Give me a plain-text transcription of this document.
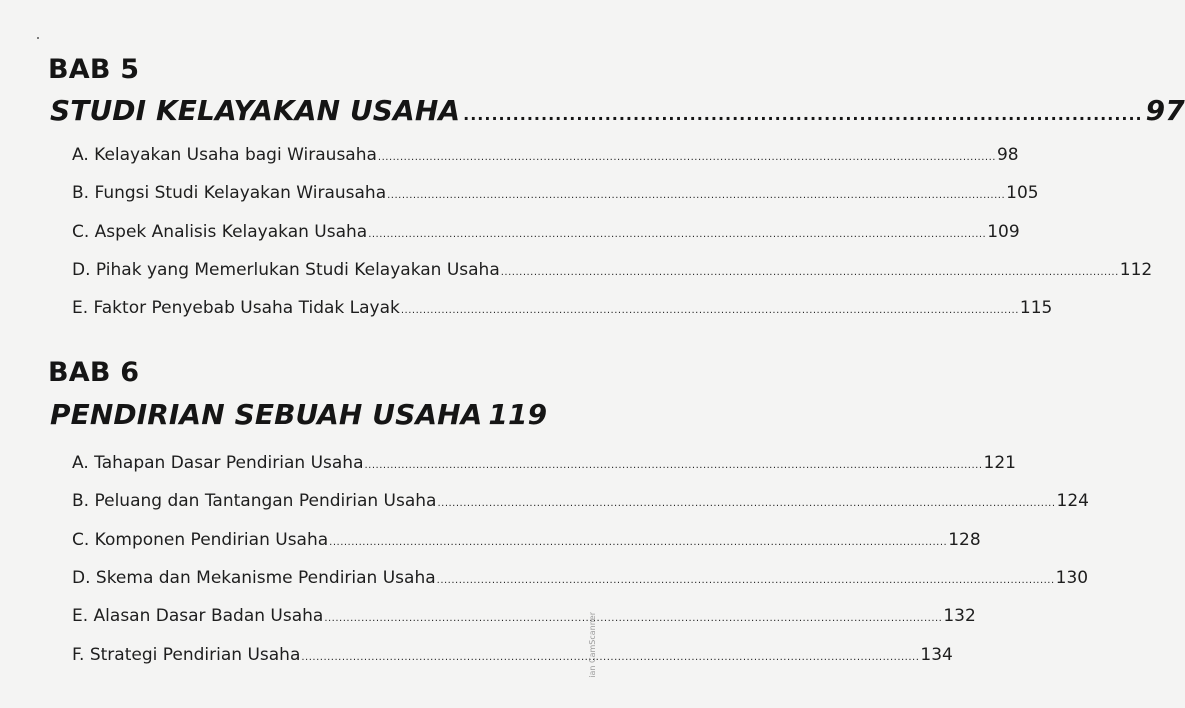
BAB 5
STUDI KELAYAKAN USAHA ................................................................................................ 97
A. Kelayakan Usaha bagi Wirausaha ........................................................................................................................................................................ 98
B. Fungsi Studi Kelayakan Wirausaha ........................................................................................................................................................................ 105
C. Aspek Analisis Kelayakan Usaha ........................................................................................................................................................................ 109
D. Pihak yang Memerlukan Studi Kelayakan Usaha ........................................................................................................................................................................ 112
E. Faktor Penyebab Usaha Tidak Layak ........................................................................................................................................................................ 115
BAB 6
PENDIRIAN SEBUAH USAHA 119
A. Tahapan Dasar Pendirian Usaha ........................................................................................................................................................................ 121
B. Peluang dan Tantangan Pendirian Usaha ........................................................................................................................................................................ 124
C. Komponen Pendirian Usaha ........................................................................................................................................................................ 128
D. Skema dan Mekanisme Pendirian Usaha ........................................................................................................................................................................ 130
E. Alasan Dasar Badan Usaha ........................................................................................................................................................................ 132
F. Strategi Pendirian Usaha ........................................................................................................................................................................ 134
ian CamScanner
